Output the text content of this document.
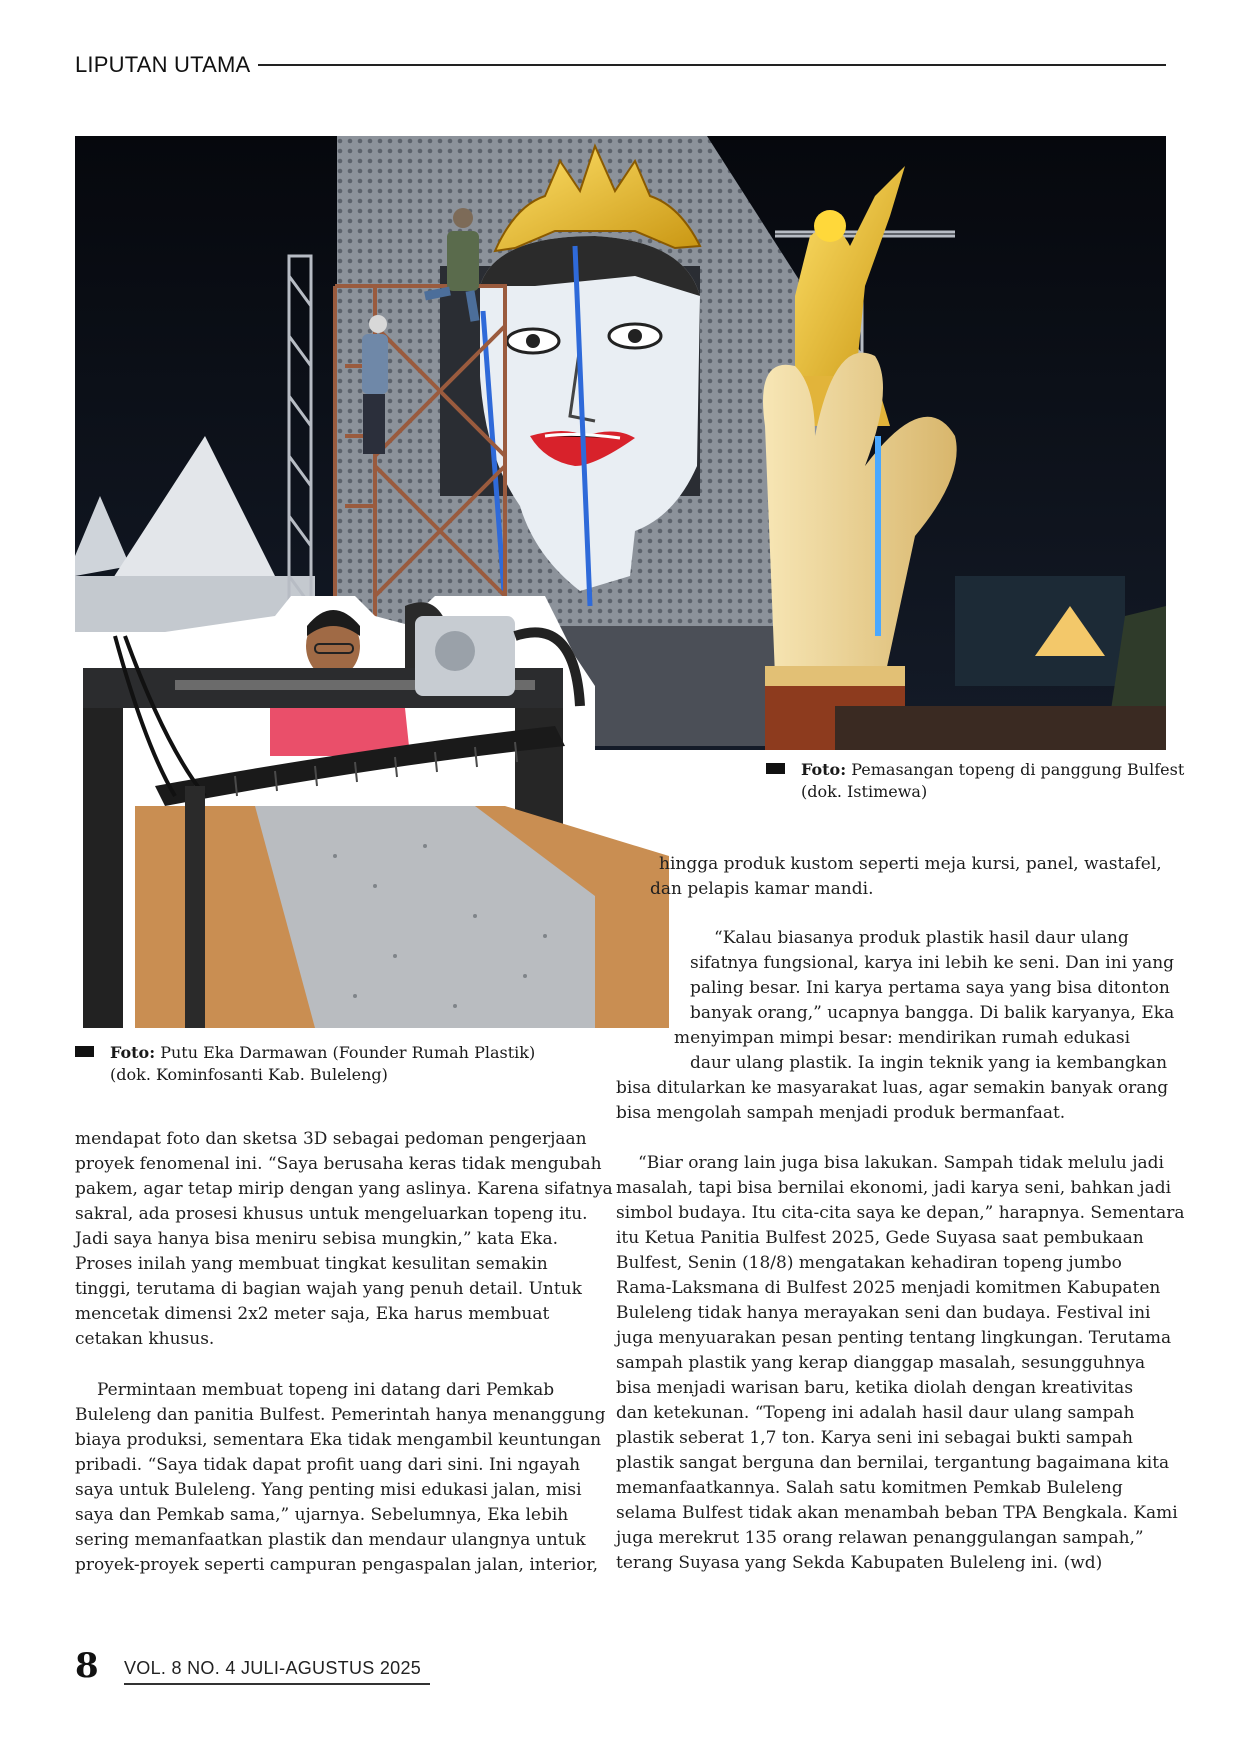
LIPUTAN UTAMA
Foto: Pemasangan topeng di panggung Bulfest
(dok. Istimewa)
Foto: Putu Eka Darmawan (Founder Rumah Plastik)
(dok. Kominfosanti Kab. Buleleng)
mendapat foto dan sketsa 3D sebagai pedoman pengerjaan
proyek fenomenal ini. “Saya berusaha keras tidak mengubah
pakem, agar tetap mirip dengan yang aslinya. Karena sifatnya
sakral, ada prosesi khusus untuk mengeluarkan topeng itu.
Jadi saya hanya bisa meniru sebisa mungkin,” kata Eka.
Proses inilah yang membuat tingkat kesulitan semakin
tinggi, terutama di bagian wajah yang penuh detail. Untuk
mencetak dimensi 2x2 meter saja, Eka harus membuat
cetakan khusus.
Permintaan membuat topeng ini datang dari Pemkab
Buleleng dan panitia Bulfest. Pemerintah hanya menanggung
biaya produksi, sementara Eka tidak mengambil keuntungan
pribadi. “Saya tidak dapat profit uang dari sini. Ini ngayah
saya untuk Buleleng. Yang penting misi edukasi jalan, misi
saya dan Pemkab sama,” ujarnya. Sebelumnya, Eka lebih
sering memanfaatkan plastik dan mendaur ulangnya untuk
proyek-proyek seperti campuran pengaspalan jalan, interior,
hingga produk kustom seperti meja kursi, panel, wastafel,
dan pelapis kamar mandi.
“Kalau biasanya produk plastik hasil daur ulang
sifatnya fungsional, karya ini lebih ke seni. Dan ini yang
paling besar. Ini karya pertama saya yang bisa ditonton
banyak orang,” ucapnya bangga. Di balik karyanya, Eka
menyimpan mimpi besar: mendirikan rumah edukasi
daur ulang plastik. Ia ingin teknik yang ia kembangkan
bisa ditularkan ke masyarakat luas, agar semakin banyak orang
bisa mengolah sampah menjadi produk bermanfaat.
“Biar orang lain juga bisa lakukan. Sampah tidak melulu jadi
masalah, tapi bisa bernilai ekonomi, jadi karya seni, bahkan jadi
simbol budaya. Itu cita-cita saya ke depan,” harapnya. Sementara
itu Ketua Panitia Bulfest 2025, Gede Suyasa saat pembukaan
Bulfest, Senin (18/8) mengatakan kehadiran topeng jumbo
Rama-Laksmana di Bulfest 2025 menjadi komitmen Kabupaten
Buleleng tidak hanya merayakan seni dan budaya. Festival ini
juga menyuarakan pesan penting tentang lingkungan. Terutama
sampah plastik yang kerap dianggap masalah, sesungguhnya
bisa menjadi warisan baru, ketika diolah dengan kreativitas
dan ketekunan. “Topeng ini adalah hasil daur ulang sampah
plastik seberat 1,7 ton. Karya seni ini sebagai bukti sampah
plastik sangat berguna dan bernilai, tergantung bagaimana kita
memanfaatkannya. Salah satu komitmen Pemkab Buleleng
selama Bulfest tidak akan menambah beban TPA Bengkala. Kami
juga merekrut 135 orang relawan penanggulangan sampah,”
terang Suyasa yang Sekda Kabupaten Buleleng ini. (wd)
8 VOL. 8 NO. 4 JULI-AGUSTUS 2025
